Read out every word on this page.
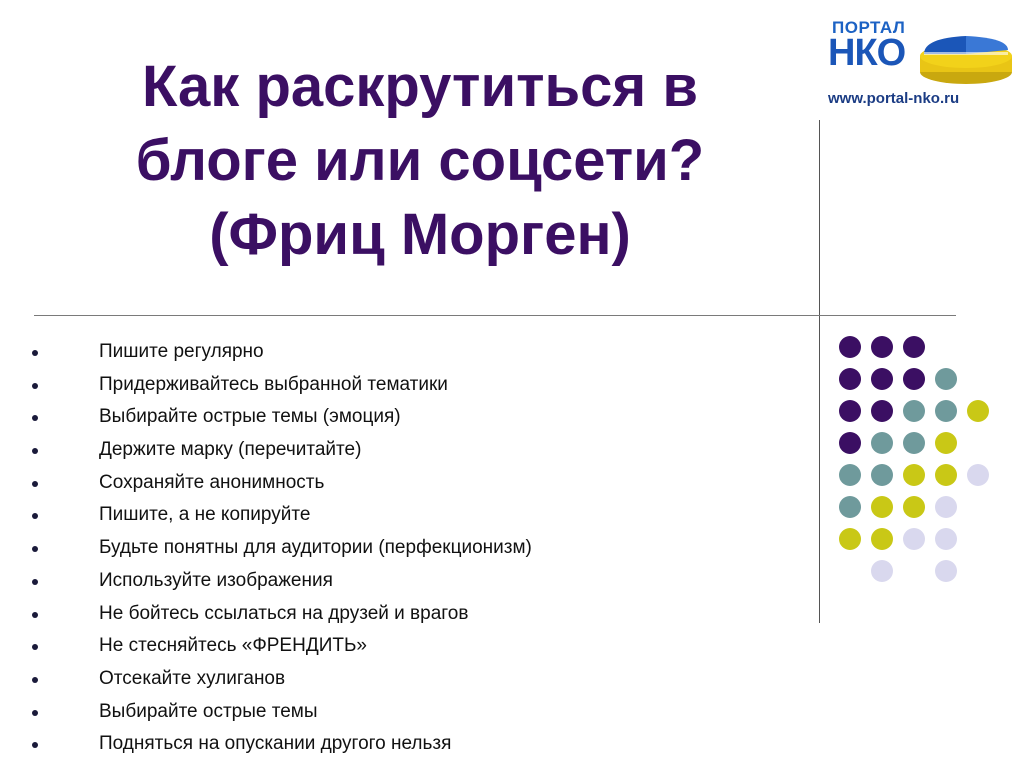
Как раскрутиться в
блоге или соцсети?
(Фриц Морген)
ПОРТАЛ
НКО
www.portal-nko.ru
Пишите регулярно
Придерживайтесь выбранной тематики
Выбирайте острые темы (эмоция)
Держите марку (перечитайте)
Сохраняйте анонимность
Пишите, а не копируйте
Будьте понятны для аудитории (перфекционизм)
Используйте изображения
Не бойтесь ссылаться на друзей и врагов
Не стесняйтесь «ФРЕНДИТЬ»
Отсекайте хулиганов
Выбирайте острые темы
Подняться на опускании другого нельзя
